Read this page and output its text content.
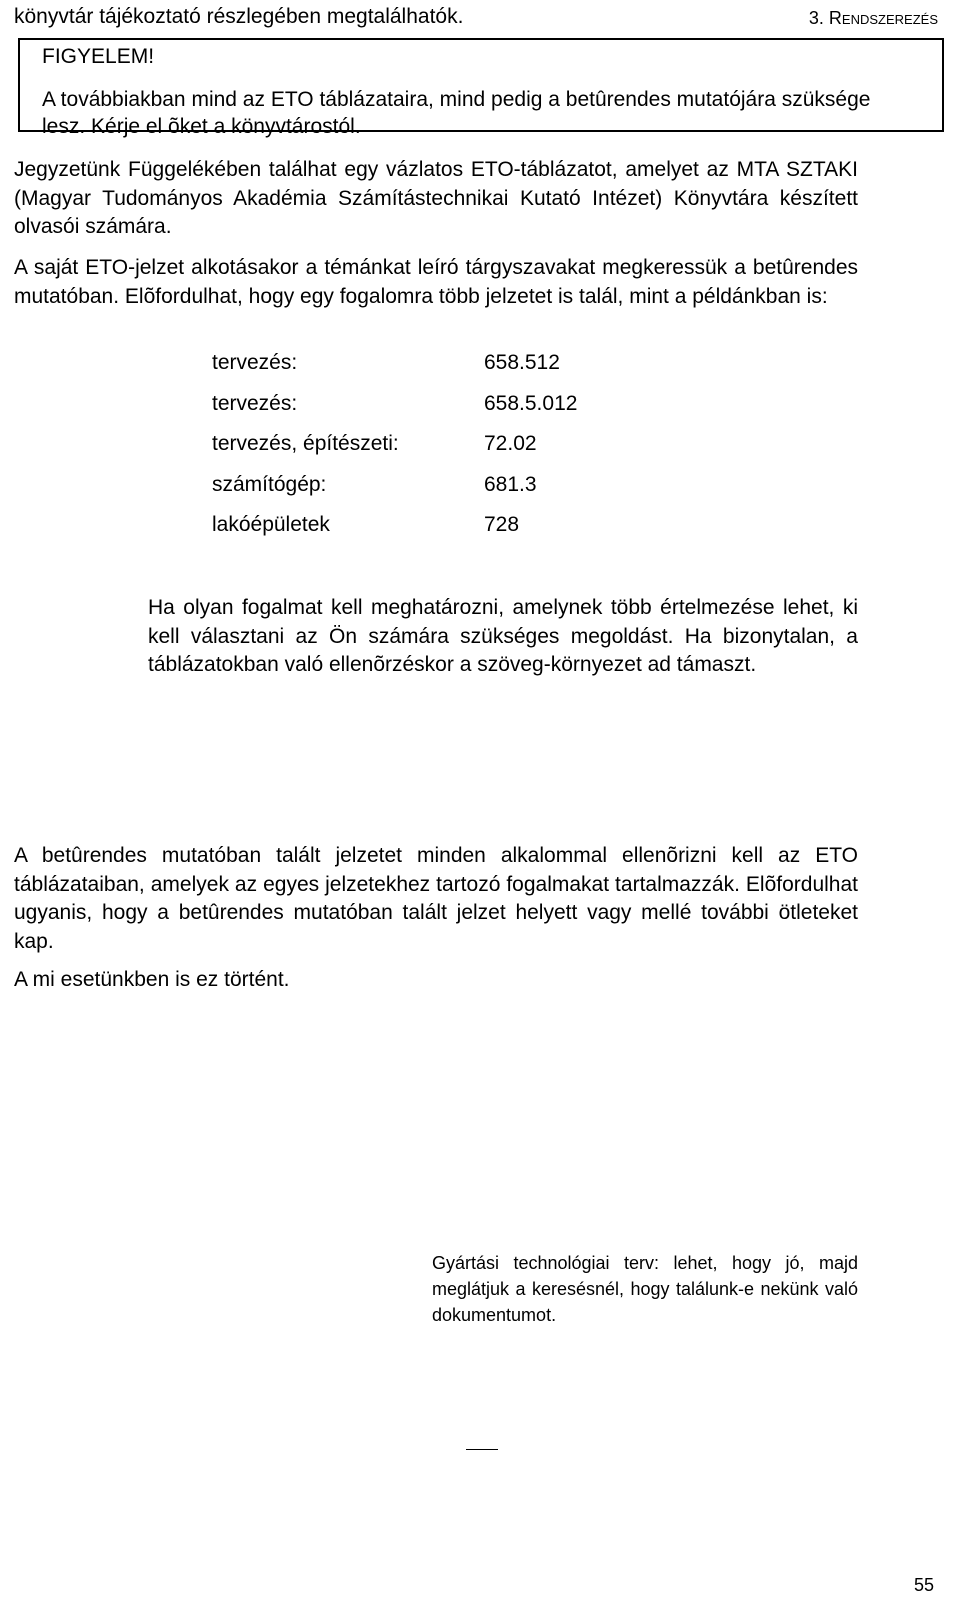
könyvtár tájékoztató részlegében megtalálhatók.	3. RENDSZEREZÉS
FIGYELEM!
A továbbiakban mind az ETO táblázataira, mind pedig a betûrendes mutatójára szüksége lesz. Kérje el õket a könyvtárostól.
Jegyzetünk Függelékében találhat egy vázlatos ETO-táblázatot, amelyet az MTA SZTAKI (Magyar Tudományos Akadémia Számítástechnikai Kutató Intézet) Könyvtára készített olvasói számára.
A saját ETO-jelzet alkotásakor a témánkat leíró tárgyszavakat megkeressük a betûrendes mutatóban. Elõfordulhat, hogy egy fogalomra több jelzetet is talál, mint a példánkban is:
tervezés:	658.512
tervezés:	658.5.012
tervezés, építészeti:	72.02
számítógép:	681.3
lakóépületek	728
Ha olyan fogalmat kell meghatározni, amelynek több értelmezése lehet, ki kell választani az Ön számára szükséges megoldást. Ha bizonytalan, a táblázatokban való ellenõrzéskor a szöveg-környezet ad támaszt.
A betûrendes mutatóban talált jelzetet minden alkalommal ellenõrizni kell az ETO táblázataiban, amelyek az egyes jelzetekhez tartozó fogalmakat tartalmazzák. Elõfordulhat ugyanis, hogy a betûrendes mutatóban talált jelzet helyett vagy mellé további ötleteket kap.
A mi esetünkben is ez történt.
Gyártási technológiai terv: lehet, hogy jó, majd meglátjuk a keresésnél, hogy találunk-e nekünk való dokumentumot.
55
